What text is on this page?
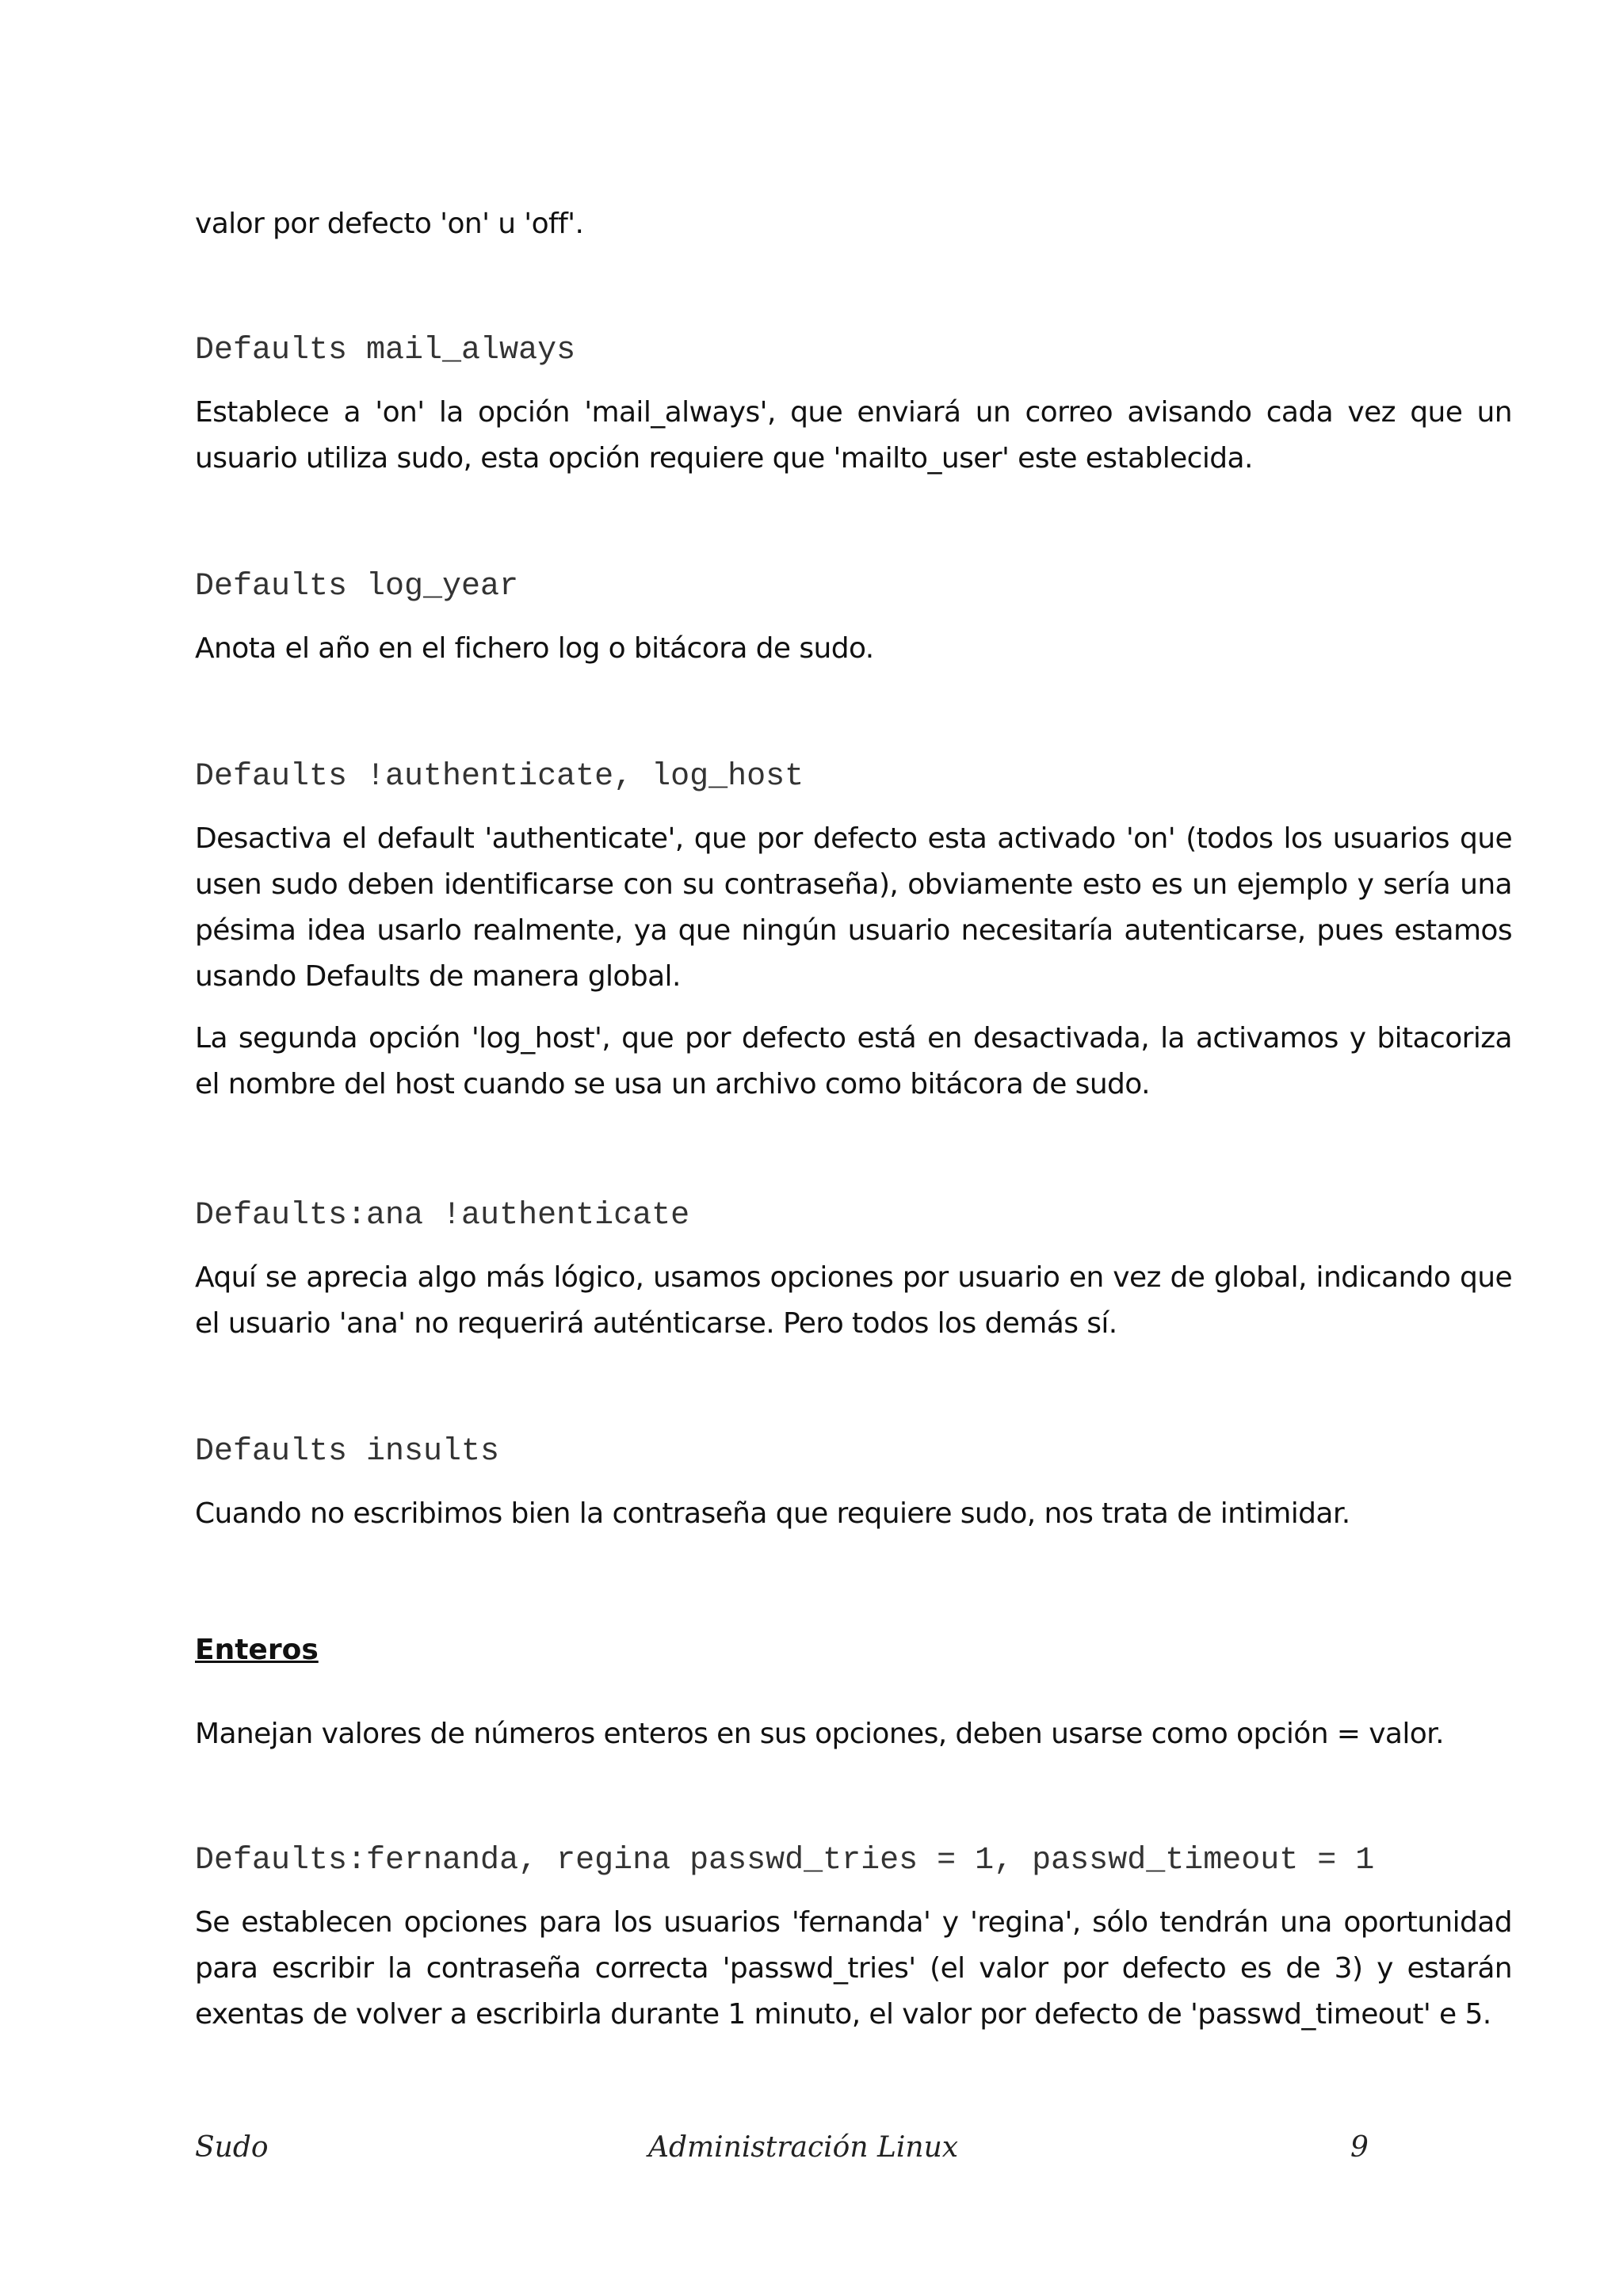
valor por defecto 'on' u 'off'.

Defaults mail_always

Establece a 'on' la opción 'mail_always', que enviará un correo avisando cada vez que un usuario utiliza sudo, esta opción requiere que 'mailto_user' este establecida.

Defaults log_year

Anota el año en el fichero log o bitácora de sudo.

Defaults !authenticate, log_host

Desactiva el default 'authenticate', que por defecto esta activado 'on' (todos los usuarios que usen sudo deben identificarse con su contraseña), obviamente esto es un ejemplo y sería una pésima idea usarlo realmente, ya que ningún usuario necesitaría autenticarse, pues estamos usando Defaults de manera global.

La segunda opción 'log_host', que por defecto está en desactivada, la activamos y bitacoriza el nombre del host cuando se usa un archivo como bitácora de sudo.

Defaults:ana !authenticate

Aquí se aprecia algo más lógico, usamos opciones por usuario en vez de global, indicando que el usuario 'ana' no requerirá auténticarse. Pero todos los demás sí.

Defaults insults

Cuando no escribimos bien la contraseña que requiere sudo, nos trata de intimidar.

Enteros

Manejan valores de números enteros en sus opciones, deben usarse como opción = valor.

Defaults:fernanda, regina passwd_tries = 1, passwd_timeout = 1

Se establecen opciones para los usuarios 'fernanda' y 'regina', sólo tendrán una oportunidad para escribir la contraseña correcta 'passwd_tries' (el valor por defecto es de 3) y estarán exentas de volver a escribirla durante 1 minuto, el valor por defecto de 'passwd_timeout' e 5.

Sudo	Administración Linux	9
